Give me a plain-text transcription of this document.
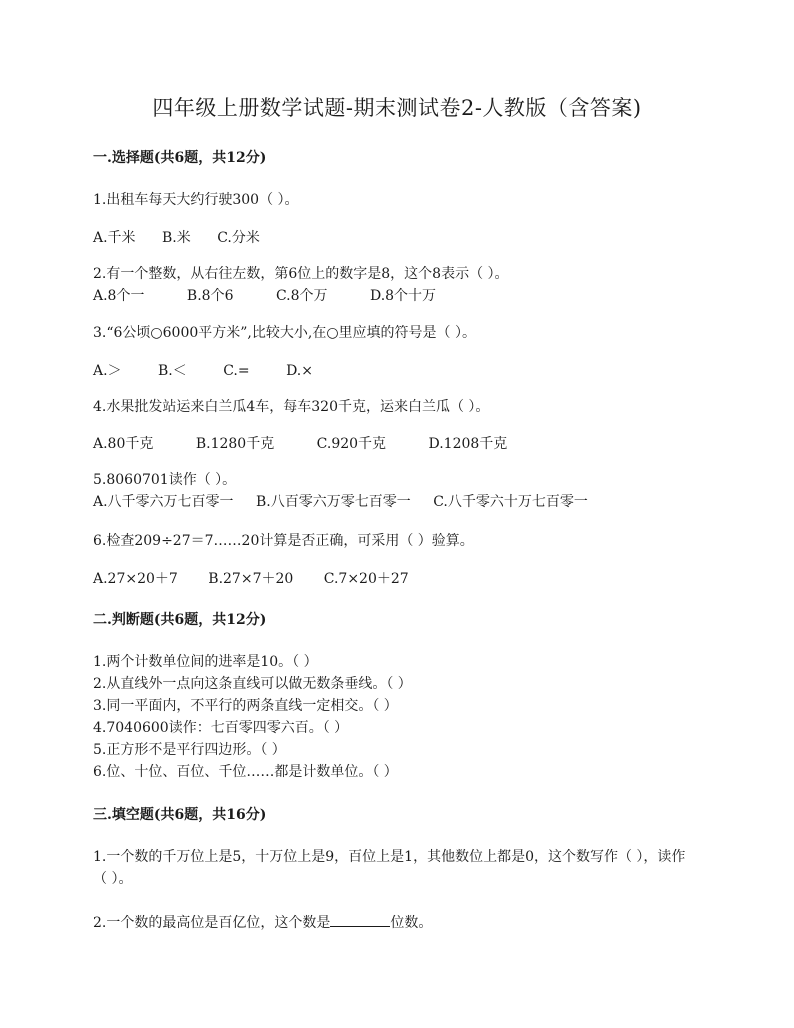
四年级上册数学试题-期末测试卷2-人教版（含答案)
一.选择题(共6题，共12分)
1.出租车每天大约行驶300（ ）。
A.千米 B.米 C.分米
2.有一个整数，从右往左数，第6位上的数字是8，这个8表示（ ）。
A.8个一	B.8个6	C.8个万	D.8个十万
3.“6公顷○6000平方米”,比较大小,在○里应填的符号是（ ）。
A.＞	B.＜	C.=	D.×
4.水果批发站运来白兰瓜4车，每车320千克，运来白兰瓜（ ）。
A.80千克	B.1280千克	C.920千克	D.1208千克
5.8060701读作（ ）。
A.八千零六万七百零一 B.八百零六万零七百零一 C.八千零六十万七百零一
6.检查209÷27＝7……20计算是否正确，可采用（ ）验算。
A.27×20＋7 B.27×7＋20 C.7×20＋27
二.判断题(共6题，共12分)
1.两个计数单位间的进率是10。（ ）
2.从直线外一点向这条直线可以做无数条垂线。（ ）
3.同一平面内，不平行的两条直线一定相交。（ ）
4.7040600读作：七百零四零六百。（ ）
5.正方形不是平行四边形。（ ）
6.位、十位、百位、千位……都是计数单位。（ ）
三.填空题(共6题，共16分)
1.一个数的千万位上是5，十万位上是9，百位上是1，其他数位上都是0，这个数写作（ ），读作（ ）。
2.一个数的最高位是百亿位，这个数是	位数。
